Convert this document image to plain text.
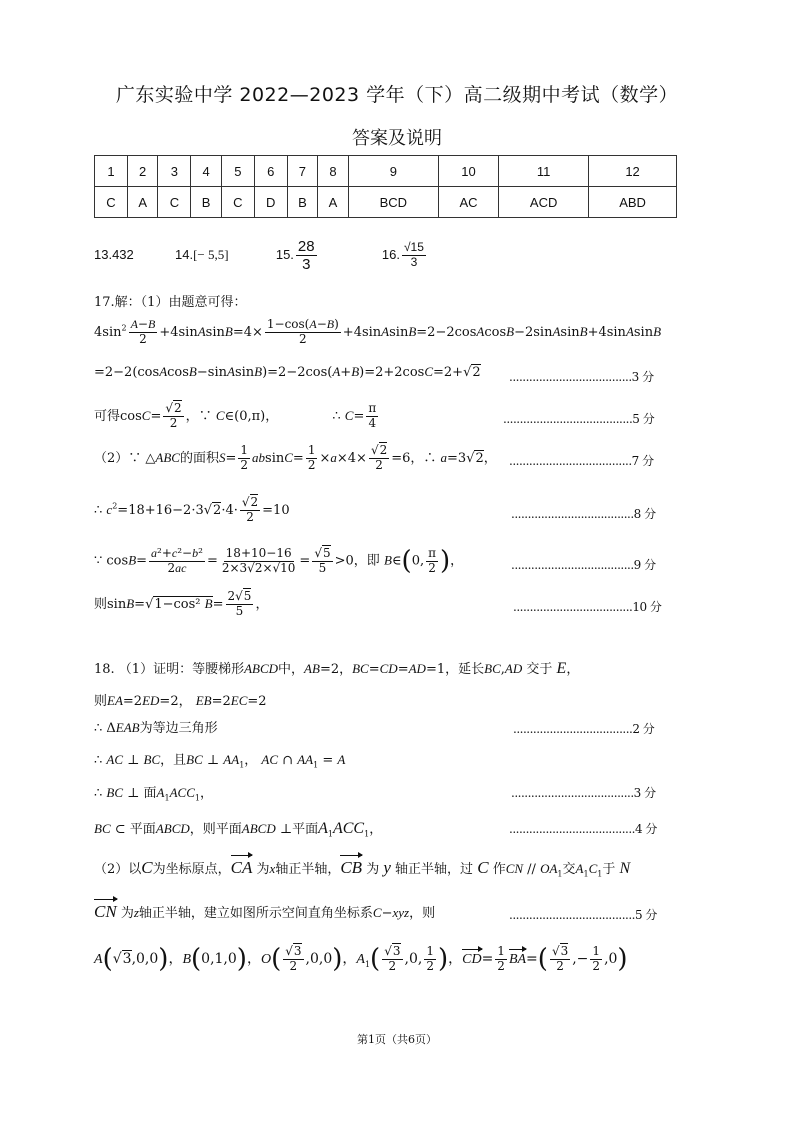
广东实验中学 2022—2023 学年（下）高二级期中考试（数学）
答案及说明
1	2	3	4	5	6	7	8	9	10	11	12
C	A	C	B	C	D	B	A	BCD	AC	ACD	ABD
13.432	14.[− 5,5]	15. $\frac{28}{3}$	16. $\frac{√15}{3}$
17.解：（1）由题意可得：
$4\sin^2 \frac{A-B}{2}$ +4sinAsinB=4× $\frac{1-\cos(A-B)}{2}$ +4sinAsinB=2−2cosAcosB−2sinAsinB+4sinAsinB
=2−2(cosAcosB−sinAsinB)=2−2cos(A+B)=2+2cosC=2+√2 .....................................3 分
可得$\cos C= \frac{√2}{2}$ ，∵ C∈(0,π)，	∴ $C= \frac{\pi}{4}$	.......................................5 分
（2）∵ △ABC的面积$S= \frac{1}{2} absinC= \frac{1}{2} \times a\times 4\times \frac{√2}{2} =6$，∴ a=3√2， .....................................7 分
∴ $c^2=18+16-2\cdot 3√2\cdot 4\cdot \frac{√2}{2} =10$	.....................................8 分
∵ $\cos B= \frac{\text{a²+c²−b²}}{2ac} = \frac{18+10-16}{2\times 3√2\times√10} = \frac{√5}{5} >0$，即 B∈(0, $\frac{\pi}{2}$ )，	.....................................9 分
则sinB=√1−cos² $B= \frac{2√5}{5}$ ，	....................................10 分
18. （1）证明：等腰梯形ABCD中，AB=2，BC=CD=AD=1，延长BC,AD 交于 E，
则EA=2ED=2， EB=2EC=2
∴ ΔEAB为等边三角形	....................................2 分
∴ AC ⊥ BC，且BC ⊥ $AA_1$， AC ∩ $AA_1 = A$
∴ BC ⊥ 面$A_1ACC_1$，	.....................................3 分
BC ⊂ 平面ABCD，则平面ABCD ⊥平面$A_1ACC_1$，	......................................4 分
（2）以C为坐标原点，CA 为x轴正半轴，CB 为 y 轴正半轴，过 C 作CN // $OA_1$交$A_1C_1$于 N
CN 为z轴正半轴，建立如图所示空间直角坐标系C−xyz，则	......................................5 分
A(√3,0,0)，B(0,1,0)，$O( \frac{√3}{2} ,0,0)$，$A_1( \frac{√3}{2} ,0$, $\frac{1}{2}$ )，$CD= \frac{1}{2} BA=( \frac{√3}{2}$ ,− $\frac{1}{2} ,0$)
第1页（共6页）
